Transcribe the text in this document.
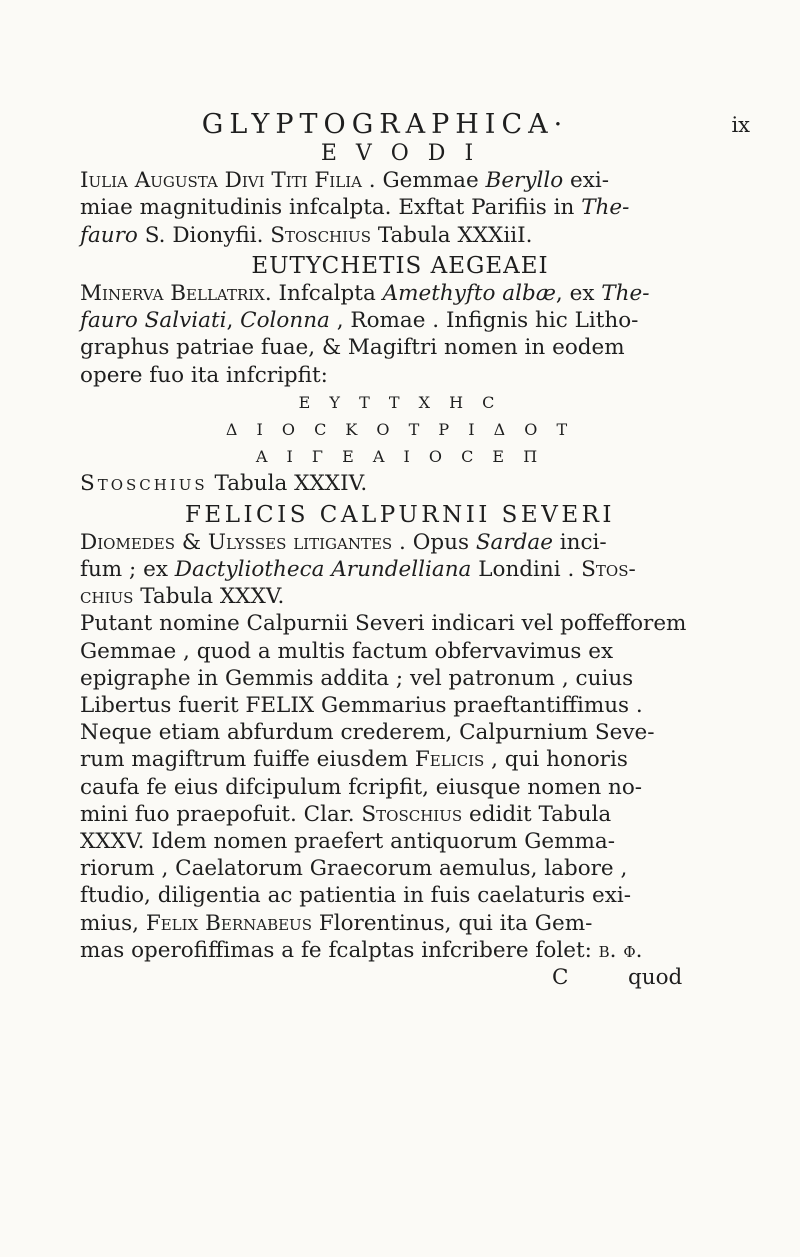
GLYPTOGRAPHICA·	ix

E V O D I

Iulia Augusta Divi Titi Filia . Gemmae Beryllo exi-

miae magnitudinis infcalpta. Exftat Parifiis in The-

fauro S. Dionyfii. Stoschius Tabula XXXiiI.

EUTYCHETIS AEGEAEI

Minerva Bellatrix. Infcalpta Amethyfto albæ, ex The-

fauro Salviati, Colonna , Romae . Infignis hic Litho-

graphus patriae fuae, & Magiftri nomen in eodem

opere fuo ita infcripfit:

E Y T T X H C

Δ I O C K O T P I Δ O T

A I Γ E A I O C E Π

Stoschius Tabula XXXIV.

FELICIS CALPURNII SEVERI

Diomedes & Ulysses litigantes . Opus Sardae inci-

fum ; ex Dactyliotheca Arundelliana Londini . Stos-

chius Tabula XXXV.

Putant nomine Calpurnii Severi indicari vel poffefforem

Gemmae , quod a multis factum obfervavimus ex

epigraphe in Gemmis addita ; vel patronum , cuius

Libertus fuerit FELIX Gemmarius praeftantiffimus .

Neque etiam abfurdum crederem, Calpurnium Seve-

rum magiftrum fuiffe eiusdem Felicis , qui honoris

caufa fe eius difcipulum fcripfit, eiusque nomen no-

mini fuo praepofuit. Clar. Stoschius edidit Tabula

XXXV. Idem nomen praefert antiquorum Gemma-

riorum , Caelatorum Graecorum aemulus, labore ,

ftudio, diligentia ac patientia in fuis caelaturis exi-

mius, Felix Bernabeus Florentinus, qui ita Gem-

mas operofiffimas a fe fcalptas infcribere folet: b. φ.

C	quod
